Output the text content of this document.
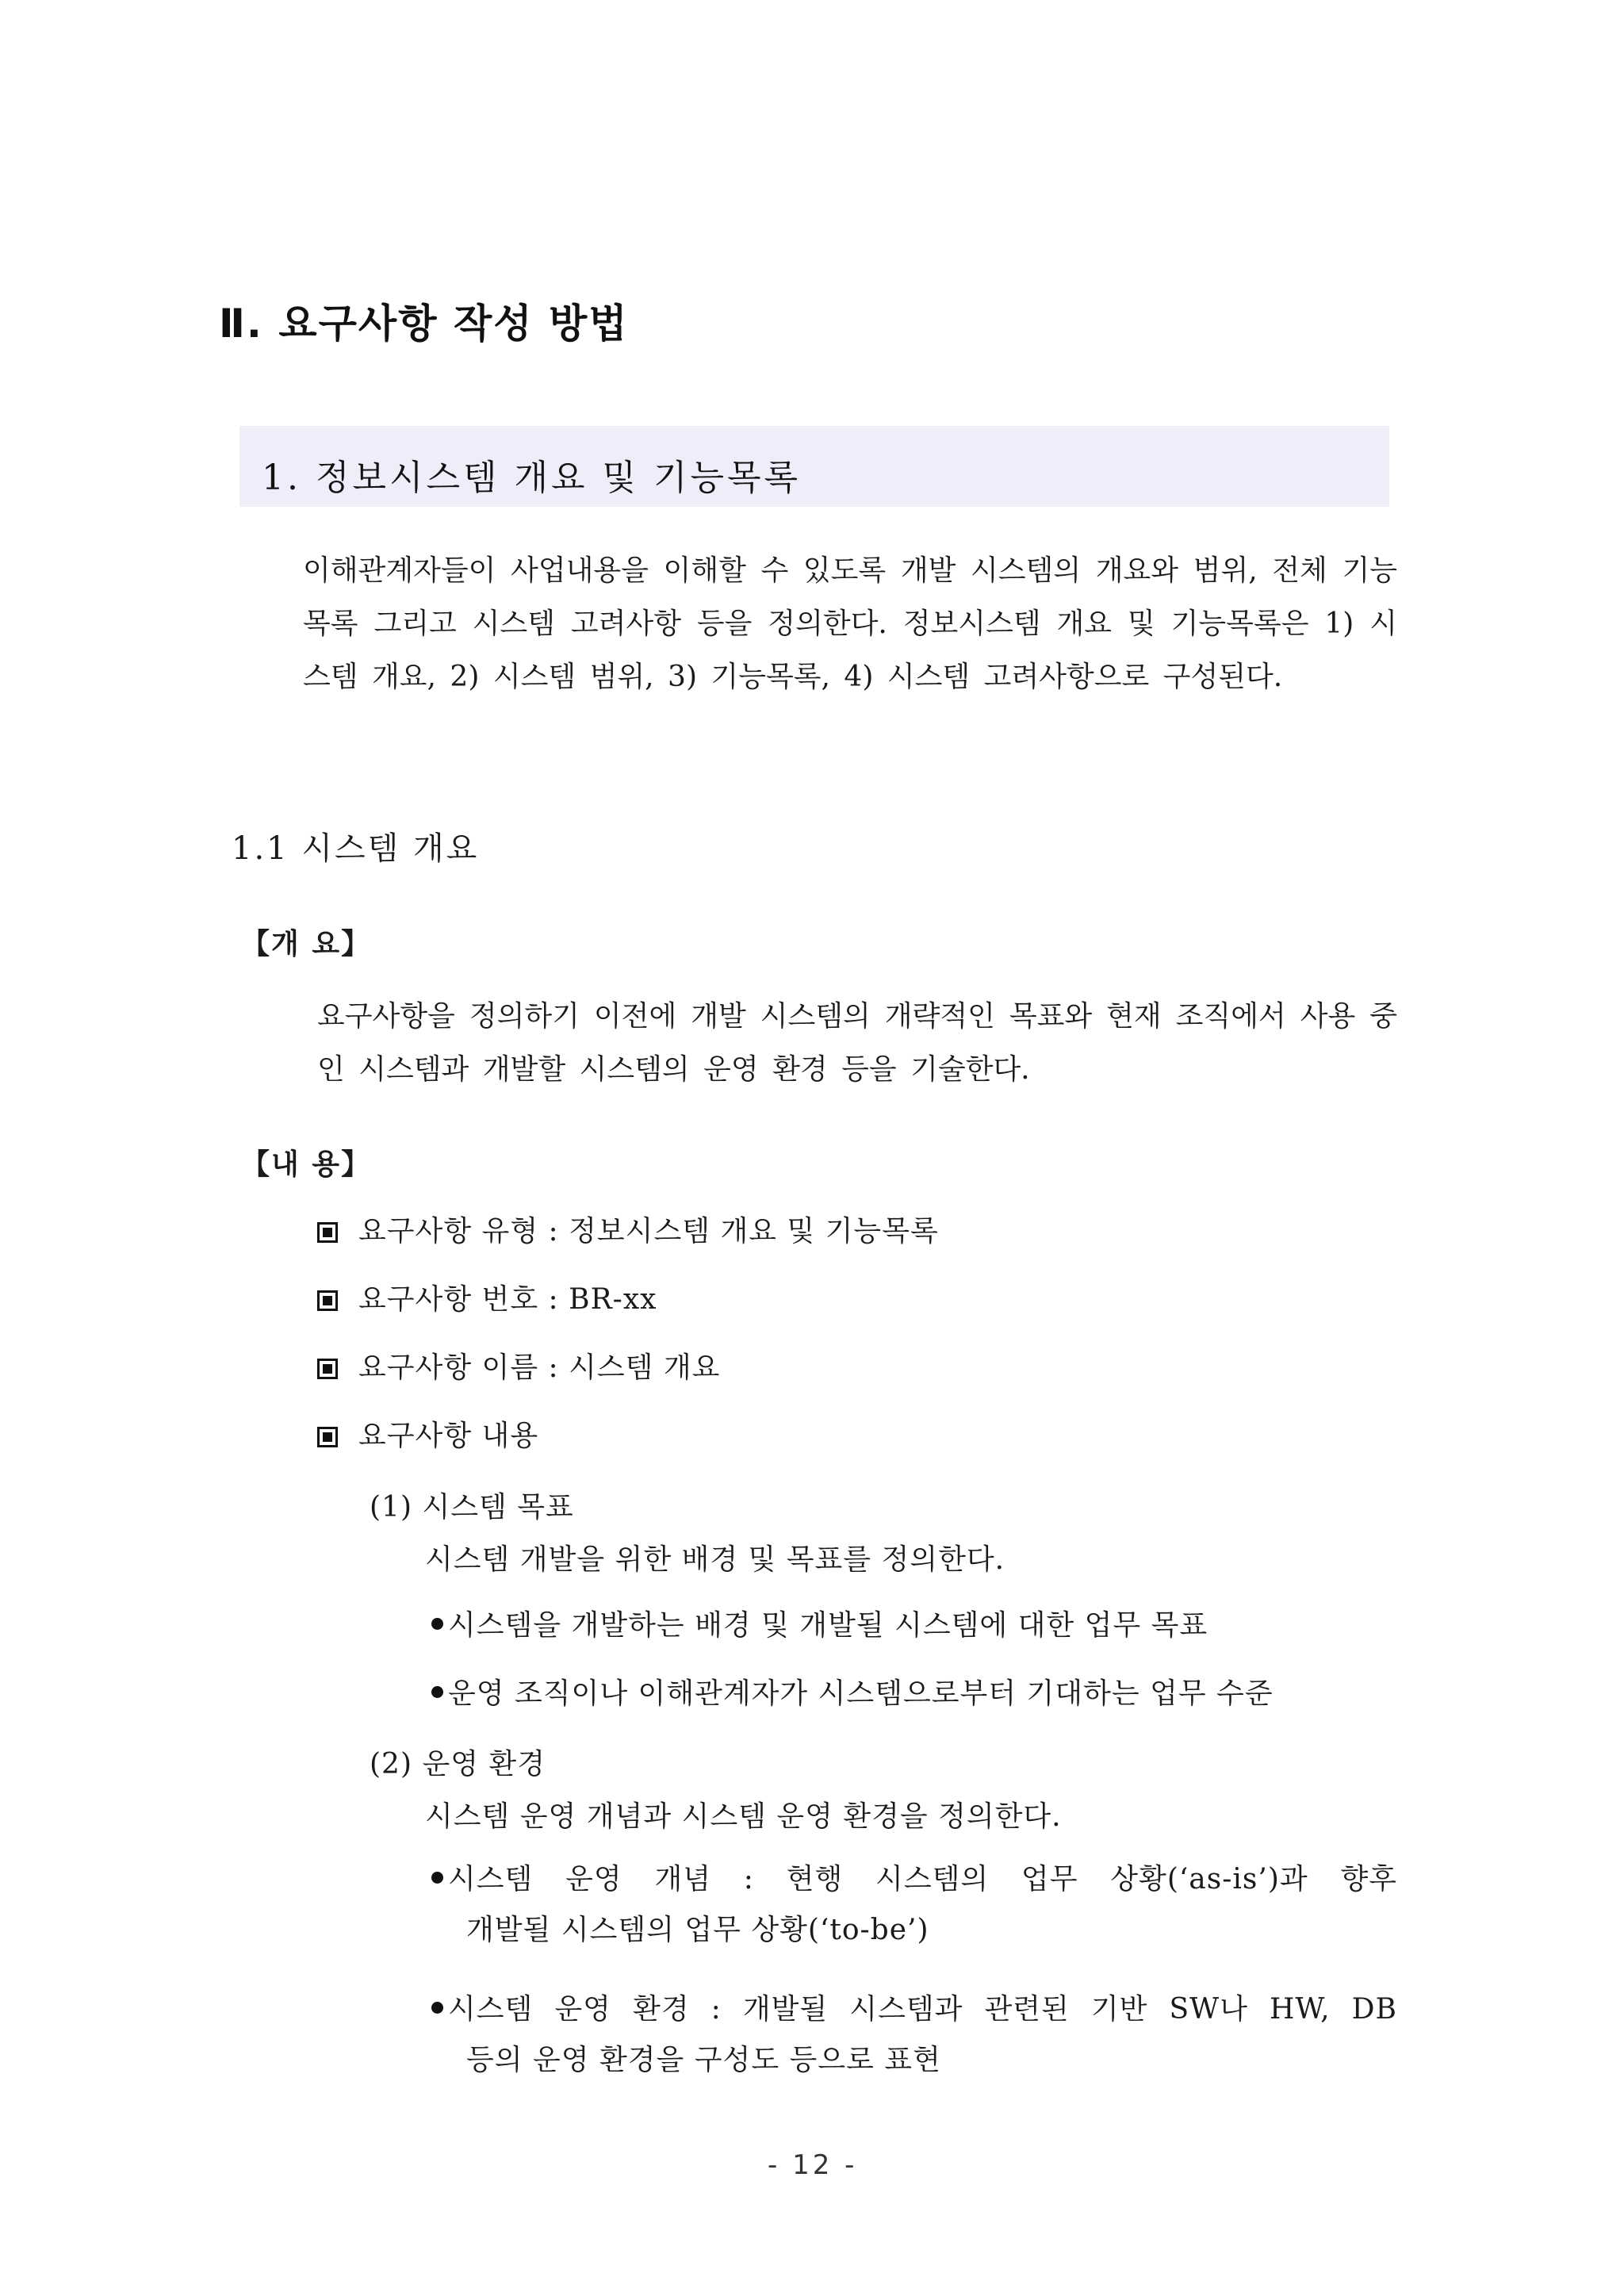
Ⅱ. 요구사항 작성 방법
1. 정보시스템 개요 및 기능목록
이해관계자들이 사업내용을 이해할 수 있도록 개발 시스템의 개요와 범위, 전체 기능목록 그리고 시스템 고려사항 등을 정의한다. 정보시스템 개요 및 기능목록은 1) 시스템 개요, 2) 시스템 범위, 3) 기능목록, 4) 시스템 고려사항으로 구성된다.
1.1 시스템 개요
【개 요】
요구사항을 정의하기 이전에 개발 시스템의 개략적인 목표와 현재 조직에서 사용 중인 시스템과 개발할 시스템의 운영 환경 등을 기술한다.
【내 용】
요구사항 유형 : 정보시스템 개요 및 기능목록
요구사항 번호 : BR-xx
요구사항 이름 : 시스템 개요
요구사항 내용
(1) 시스템 목표
시스템 개발을 위한 배경 및 목표를 정의한다.
시스템을 개발하는 배경 및 개발될 시스템에 대한 업무 목표
운영 조직이나 이해관계자가 시스템으로부터 기대하는 업무 수준
(2) 운영 환경
시스템 운영 개념과 시스템 운영 환경을 정의한다.
시스템 운영 개념 : 현행 시스템의 업무 상황(‘as-is’)과 향후
개발될 시스템의 업무 상황(‘to-be’)
시스템 운영 환경 : 개발될 시스템과 관련된 기반 SW나 HW, DB
등의 운영 환경을 구성도 등으로 표현
- 12 -
